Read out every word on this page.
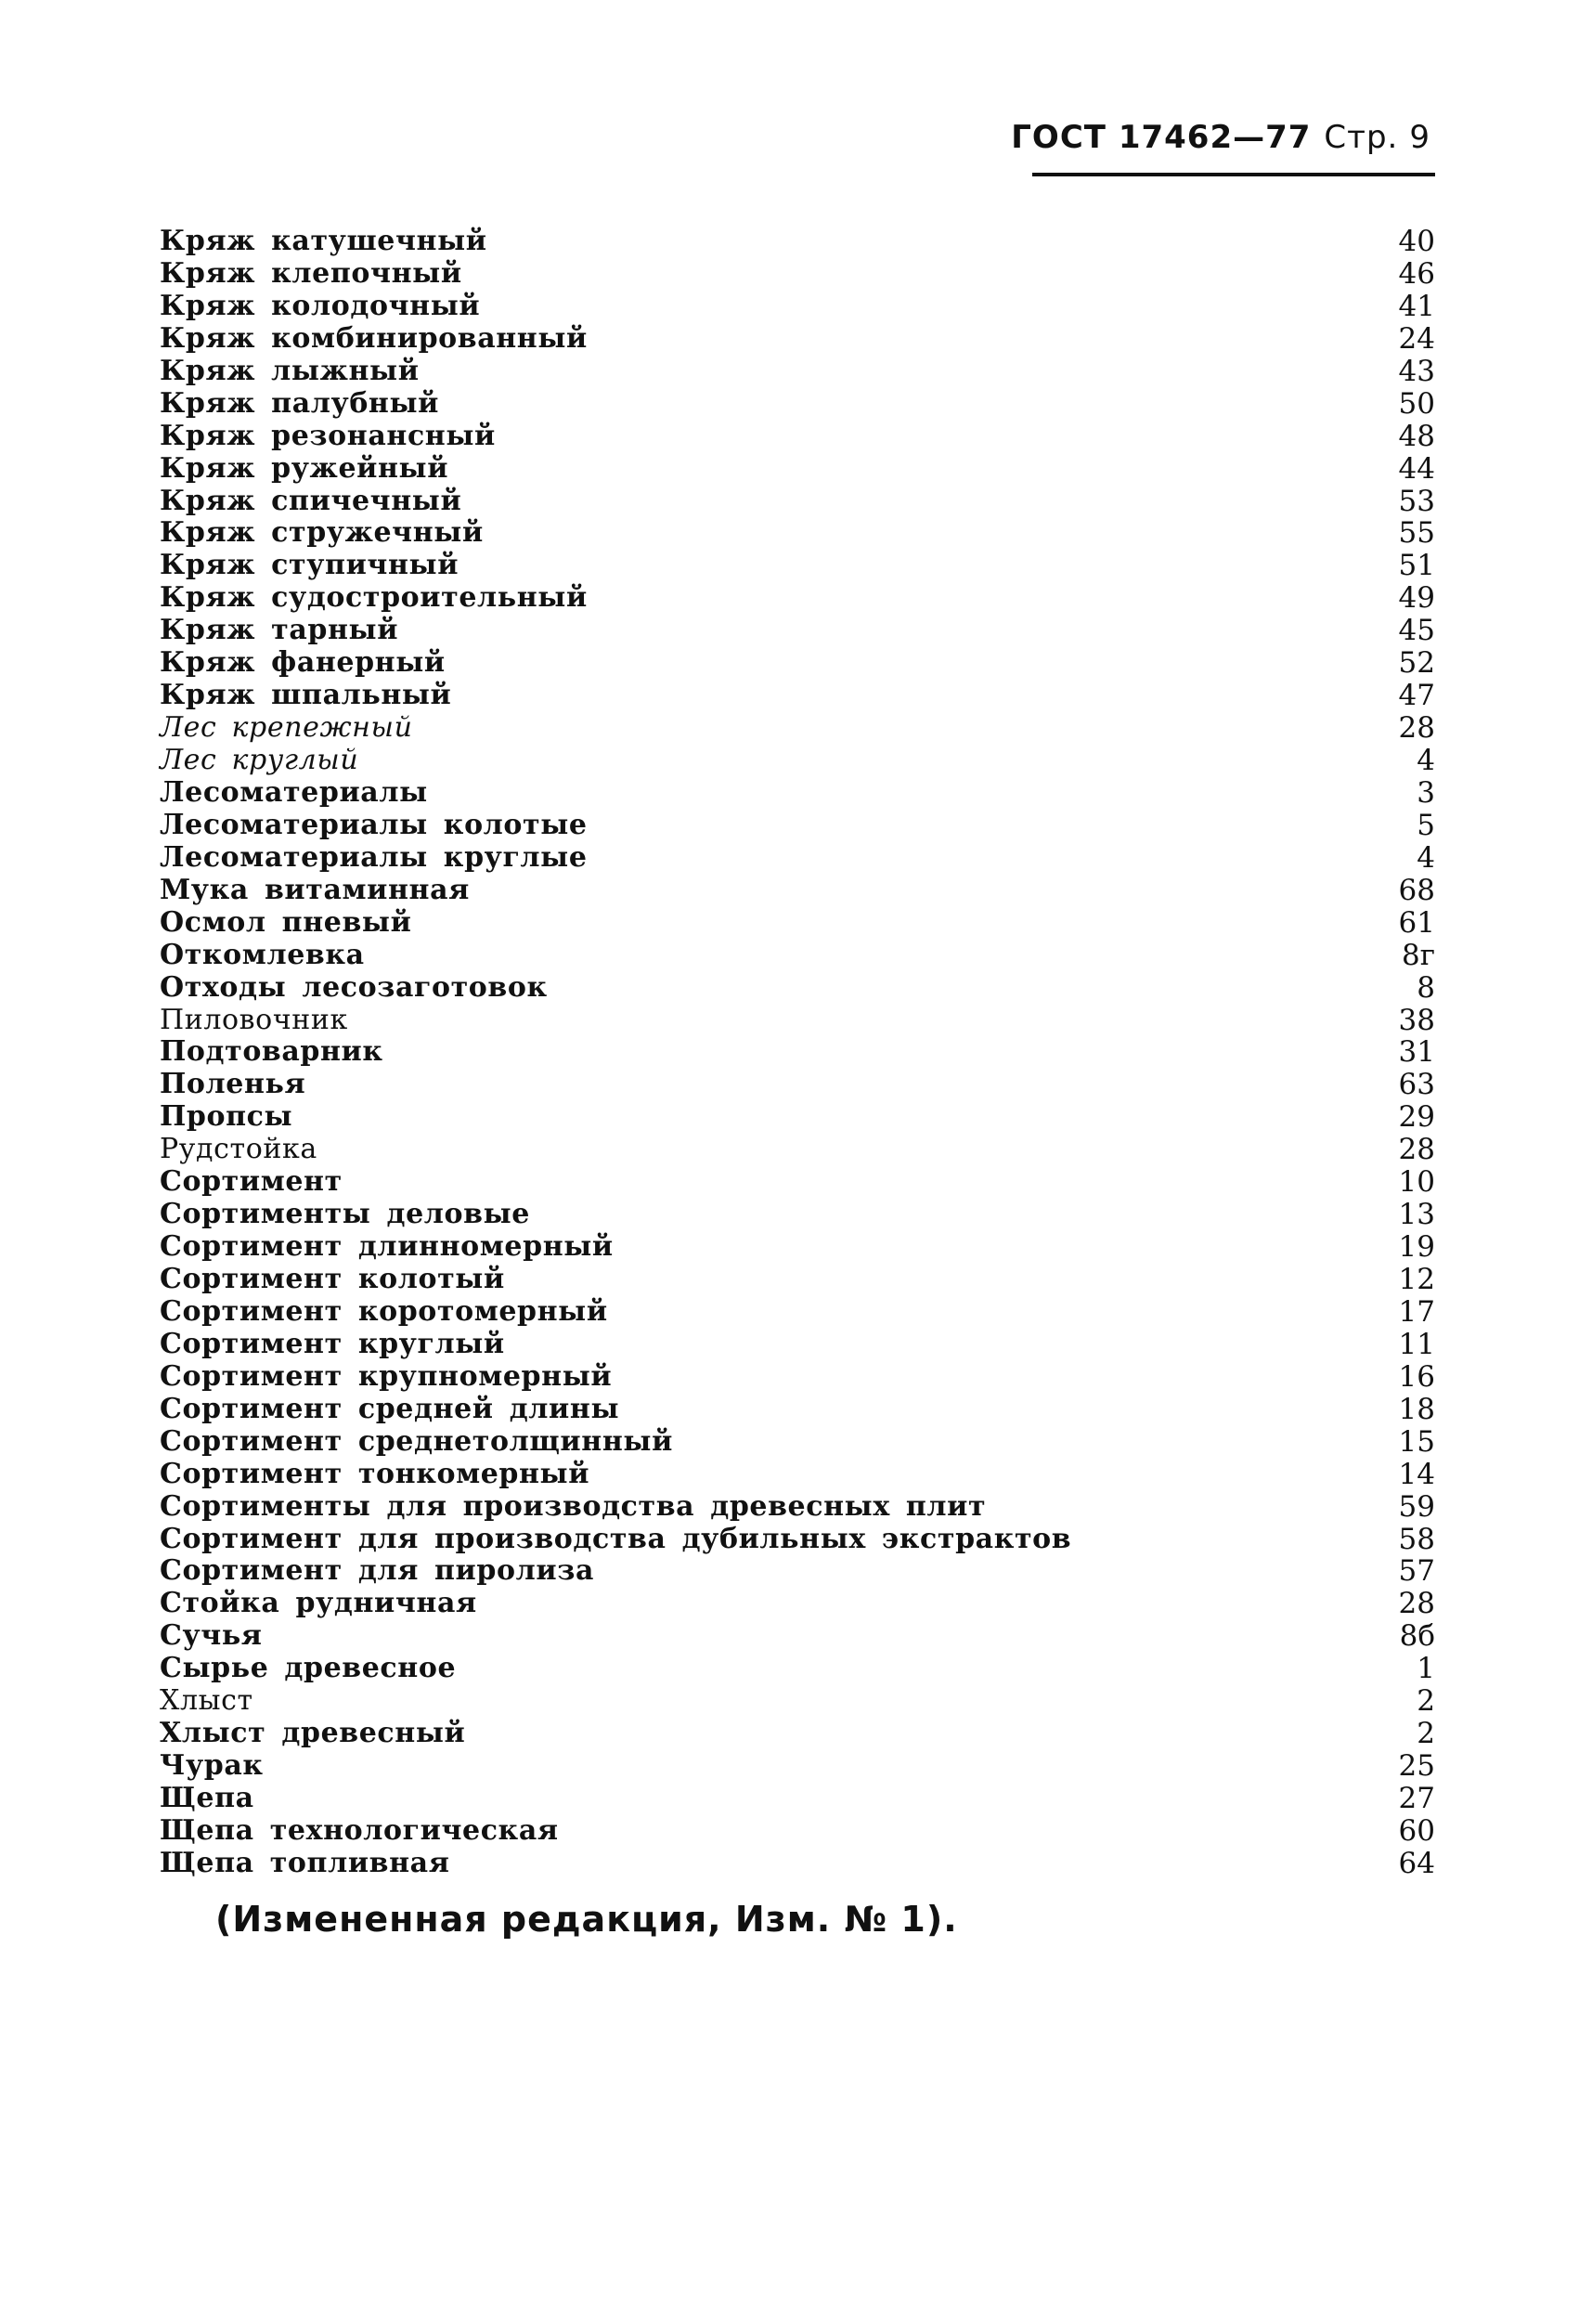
ГОСТ 17462—77 Стр. 9
Кряж катушечный	40
Кряж клепочный	46
Кряж колодочный	41
Кряж комбинированный	24
Кряж лыжный	43
Кряж палубный	50
Кряж резонансный	48
Кряж ружейный	44
Кряж спичечный	53
Кряж стружечный	55
Кряж ступичный	51
Кряж судостроительный	49
Кряж тарный	45
Кряж фанерный	52
Кряж шпальный	47
Лес крепежный	28
Лес круглый	4
Лесоматериалы	3
Лесоматериалы колотые	5
Лесоматериалы круглые	4
Мука витаминная	68
Осмол пневый	61
Откомлевка	8г
Отходы лесозаготовок	8
Пиловочник	38
Подтоварник	31
Поленья	63
Пропсы	29
Рудстойка	28
Сортимент	10
Сортименты деловые	13
Сортимент длинномерный	19
Сортимент колотый	12
Сортимент коротомерный	17
Сортимент круглый	11
Сортимент крупномерный	16
Сортимент средней длины	18
Сортимент среднетолщинный	15
Сортимент тонкомерный	14
Сортименты для производства древесных плит	59
Сортимент для производства дубильных экстрактов	58
Сортимент для пиролиза	57
Стойка рудничная	28
Сучья	8б
Сырье древесное	1
Хлыст	2
Хлыст древесный	2
Чурак	25
Щепа	27
Щепа технологическая	60
Щепа топливная	64
(Измененная редакция, Изм. № 1).
